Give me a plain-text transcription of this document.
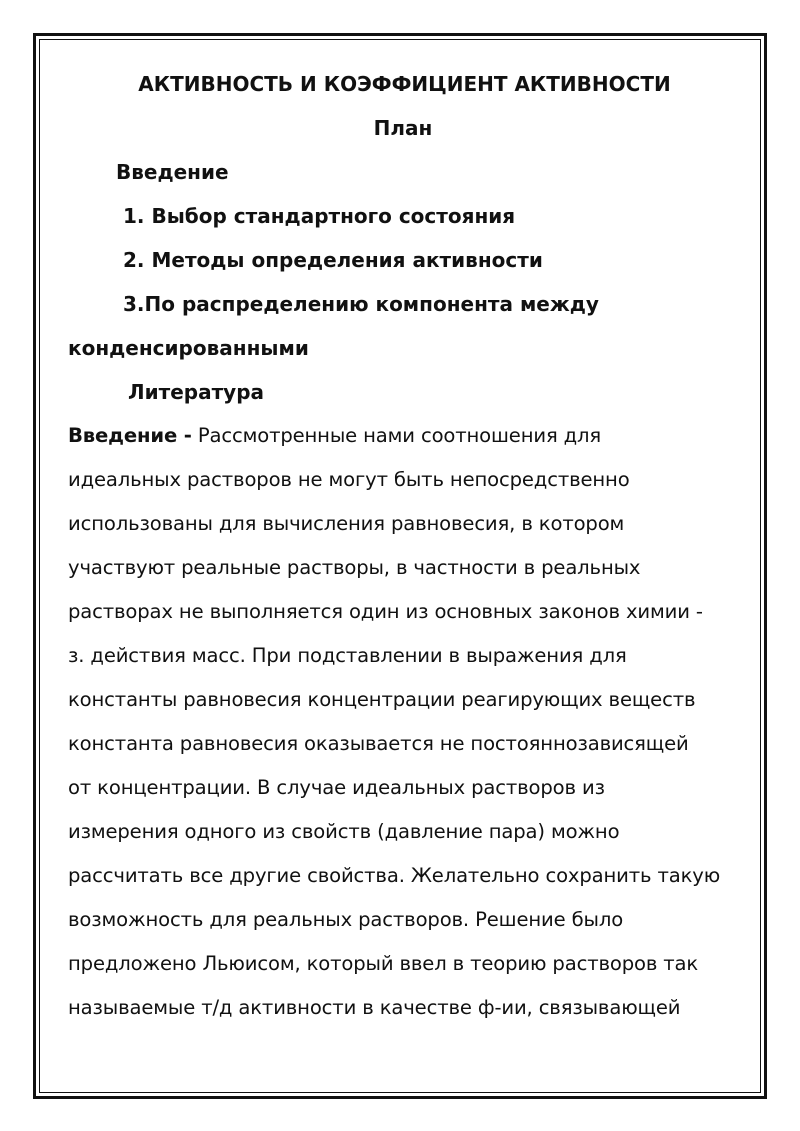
АКТИВНОСТЬ И КОЭФФИЦИЕНТ АКТИВНОСТИ
План
Введение
1. Выбор стандартного состояния
2. Методы определения активности
3.По распределению компонента между
конденсированными
Литература
Введение - Рассмотренные нами соотношения для
идеальных растворов не могут быть непосредственно
использованы для вычисления равновесия, в котором
участвуют реальные растворы, в частности в реальных
растворах не выполняется один из основных законов химии -
з. действия масс. При подставлении в выражения для
константы равновесия концентрации реагирующих веществ
константа равновесия оказывается не постояннозависящей
от концентрации. В случае идеальных растворов из
измерения одного из свойств (давление пара) можно
рассчитать все другие свойства. Желательно сохранить такую
возможность для реальных растворов. Решение было
предложено Льюисом, который ввел в теорию растворов так
называемые т/д активности в качестве ф-ии, связывающей
